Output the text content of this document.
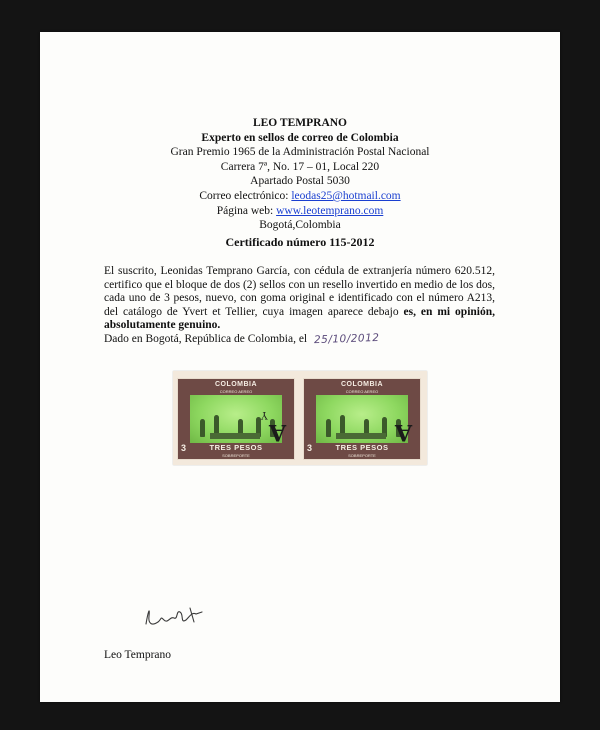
LEO TEMPRANO
Experto en sellos de correo de Colombia
Gran Premio 1965 de la Administración Postal Nacional
Carrera 7ª, No. 17 – 01, Local 220
Apartado Postal 5030
Correo electrónico: leodas25@hotmail.com
Página web: www.leotemprano.com
Bogotá,Colombia
Certificado número 115-2012
El suscrito, Leonidas Temprano García, con cédula de extranjería número 620.512, certifico que el bloque de dos (2) sellos con un resello invertido en medio de los dos, cada uno de 3 pesos, nuevo, con goma original e identificado con el número A213, del catálogo de Yvert et Tellier, cuya imagen aparece debajo es, en mi opinión, absolutamente genuino.
Dado en Bogotá, República de Colombia, el 25/10/2012
COLOMBIA
CORREO AEREO
3
A
Y
TRES PESOS
SOBREPORTE
COLOMBIA
CORREO AEREO
3
A
TRES PESOS
SOBREPORTE
Leo Temprano
